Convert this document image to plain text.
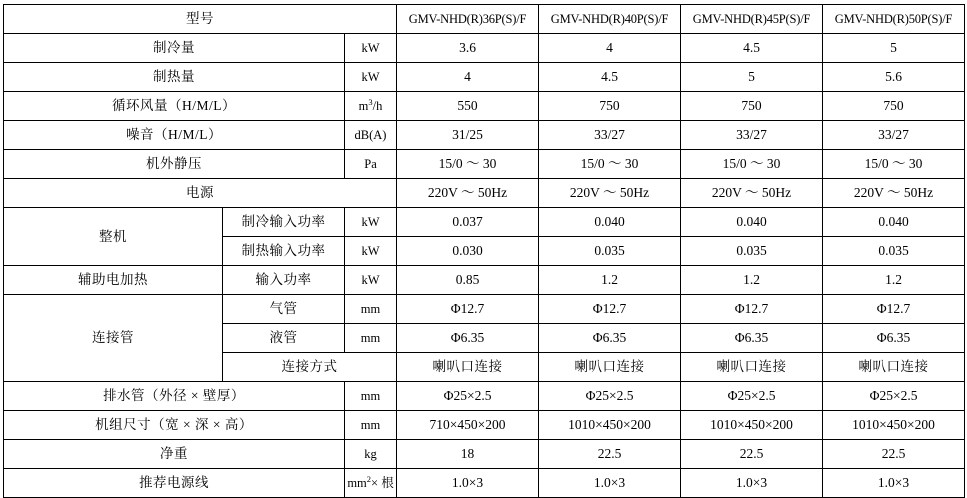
型号			GMV-NHD(R)36P(S)/F	GMV-NHD(R)40P(S)/F	GMV-NHD(R)45P(S)/F	GMV-NHD(R)50P(S)/F
制冷量		kW	3.6	4	4.5	5
制热量		kW	4	4.5	5	5.6
循环风量（H/M/L）		$m^3/h$	550	750	750	750
噪音（H/M/L）		dB(A)	31/25	33/27	33/27	33/27
机外静压		Pa	15/0 ～ 30	15/0 ～ 30	15/0 ～ 30	15/0 ～ 30
电源			220V ～ 50Hz	220V ～ 50Hz	220V ～ 50Hz	220V ～ 50Hz
整机	制冷输入功率	kW	0.037	0.040	0.040	0.040
	制热输入功率	kW	0.030	0.035	0.035	0.035
辅助电加热	输入功率	kW	0.85	1.2	1.2	1.2
连接管	气管	mm	Φ12.7	Φ12.7	Φ12.7	Φ12.7
	液管	mm	Φ6.35	Φ6.35	Φ6.35	Φ6.35
	连接方式		喇叭口连接	喇叭口连接	喇叭口连接	喇叭口连接
排水管（外径 × 壁厚）		mm	Φ25×2.5	Φ25×2.5	Φ25×2.5	Φ25×2.5
机组尺寸（宽 × 深 × 高）		mm	710×450×200	1010×450×200	1010×450×200	1010×450×200
净重		kg	18	22.5	22.5	22.5
推荐电源线		$mm^2\times$ 根	1.0×3	1.0×3	1.0×3	1.0×3
